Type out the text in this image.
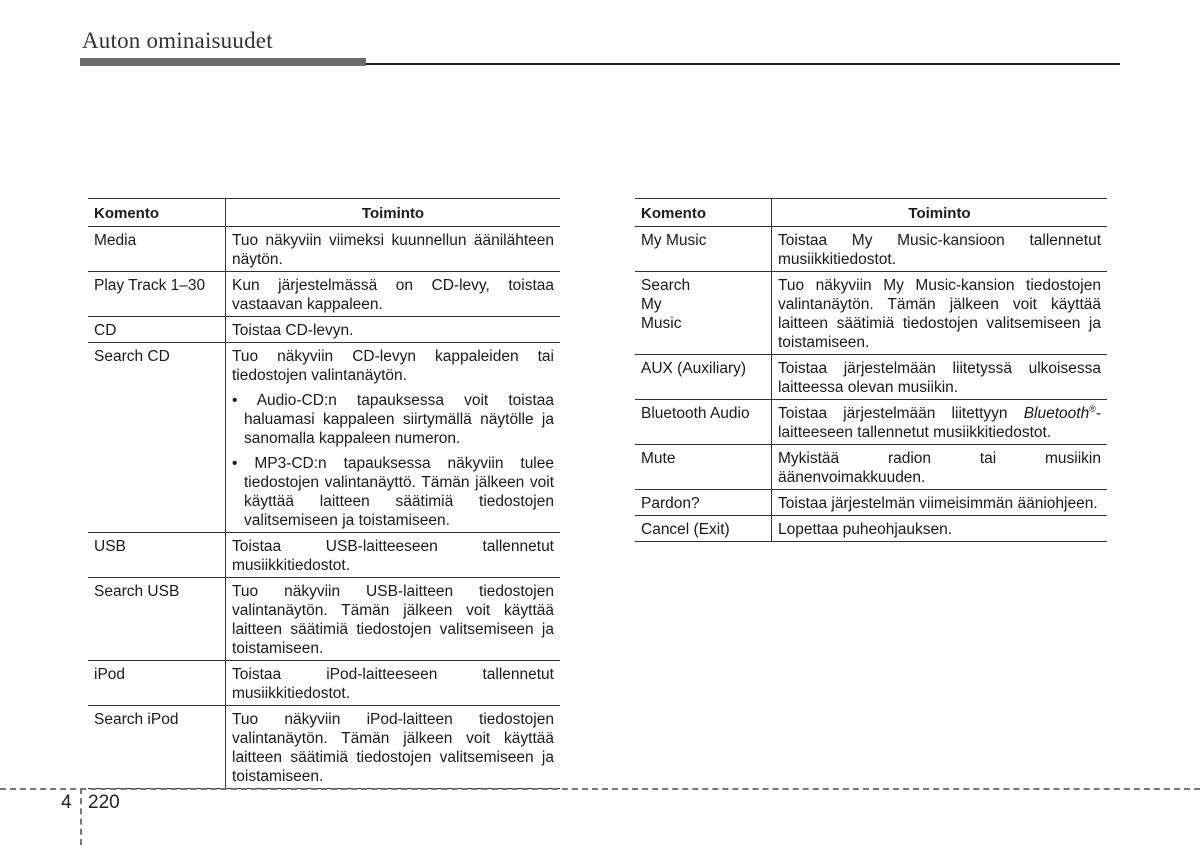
Auton ominaisuudet
Komento	Toiminto
Media	Tuo näkyviin viimeksi kuunnellun äänilähteen näytön.
Play Track 1–30	Kun järjestelmässä on CD-levy, toistaa vastaavan kappaleen.
CD	Toistaa CD-levyn.
Search CD	Tuo näkyviin CD-levyn kappaleiden tai tiedostojen valintanäytön.
• Audio-CD:n tapauksessa voit toistaa haluamasi kappaleen siirtymällä näytölle ja sanomalla kappaleen numeron.
• MP3-CD:n tapauksessa näkyviin tulee tiedostojen valintanäyttö. Tämän jälkeen voit käyttää laitteen säätimiä tiedostojen valitsemiseen ja toistamiseen.

USB	Toistaa USB-laitteeseen tallennetut musiikkitiedostot.
Search USB	Tuo näkyviin USB-laitteen tiedostojen valintanäytön. Tämän jälkeen voit käyttää laitteen säätimiä tiedostojen valitsemiseen ja toistamiseen.
iPod	Toistaa iPod-laitteeseen tallennetut musiikkitiedostot.
Search iPod	Tuo näkyviin iPod-laitteen tiedostojen valintanäytön. Tämän jälkeen voit käyttää laitteen säätimiä tiedostojen valitsemiseen ja toistamiseen.
Komento	Toiminto
My Music	Toistaa My Music-kansioon tallennetut musiikkitiedostot.
Search My Music	Tuo näkyviin My Music-kansion tiedostojen valintanäytön. Tämän jälkeen voit käyttää laitteen säätimiä tiedostojen valitsemiseen ja toistamiseen.
AUX (Auxiliary)	Toistaa järjestelmään liitetyssä ulkoisessa laitteessa olevan musiikin.
Bluetooth Audio	Toistaa järjestelmään liitettyyn Bluetooth®-laitteeseen tallennetut musiikkitiedostot.
Mute	Mykistää radion tai musiikin äänenvoimakkuuden.
Pardon?	Toistaa järjestelmän viimeisimmän ääniohjeen.
Cancel (Exit)	Lopettaa puheohjauksen.
4 220
